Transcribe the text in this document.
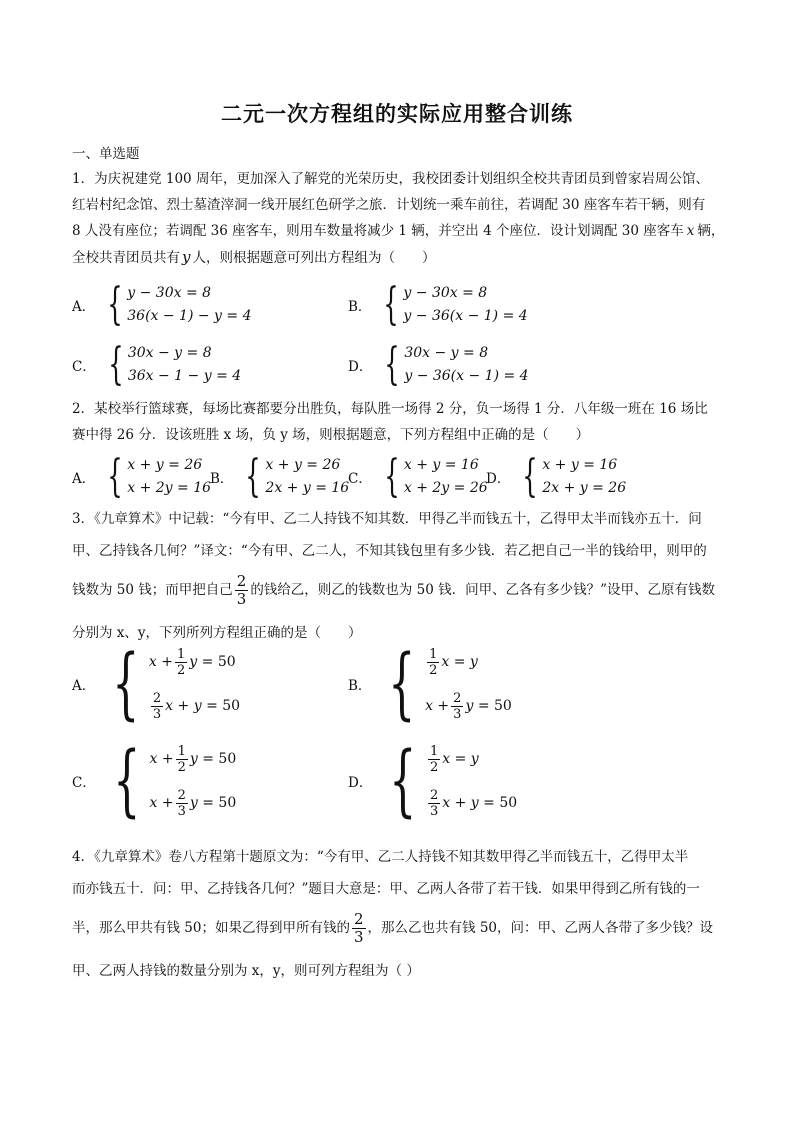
二元一次方程组的实际应用整合训练
一、单选题
1．为庆祝建党 100 周年，更加深入了解党的光荣历史，我校团委计划组织全校共青团员到曾家岩周公馆、
红岩村纪念馆、烈士墓渣滓洞一线开展红色研学之旅．计划统一乘车前往，若调配 30 座客车若干辆，则有
8 人没有座位；若调配 36 座客车，则用车数量将减少 1 辆，并空出 4 个座位．设计划调配 30 座客车 x 辆，
全校共青团员共有 y 人，则根据题意可列出方程组为（　　）
A． { y − 30x = 8
36(x − 1) − y = 4
B． { y − 30x = 8
y − 36(x − 1) = 4
C． { 30x − y = 8
36x − 1 − y = 4
D． { 30x − y = 8
y − 36(x − 1) = 4
2．某校举行篮球赛，每场比赛都要分出胜负，每队胜一场得 2 分，负一场得 1 分．八年级一班在 16 场比
赛中得 26 分．设该班胜 x 场，负 y 场，则根据题意，下列方程组中正确的是（　　）
A． { x + y = 26
x + 2y = 16
B． { x + y = 26
2x + y = 16
C． { x + y = 16
x + 2y = 26
D． { x + y = 16
2x + y = 26
3．《九章算术》中记载：“今有甲、乙二人持钱不知其数．甲得乙半而钱五十，乙得甲太半而钱亦五十．问
甲、乙持钱各几何？”译文：“今有甲、乙二人，不知其钱包里有多少钱．若乙把自己一半的钱给甲，则甲的
钱数为 50 钱；而甲把自己 $\frac{2}{3}$ 的钱给乙，则乙的钱数也为 50 钱．问甲、乙各有多少钱？”设甲、乙原有钱数
分别为 x、y，下列所列方程组正确的是（　　）
A． { x
+ $\frac{1}{2}$ y
= 50
$\frac{2}{3}$ x
+
y
= 50
B． { $\frac{1}{2}$ x
= y
x
+ $\frac{2}{3}$ y
= 50
C． { x
+ $\frac{1}{2}$ y
= 50
x
+ $\frac{2}{3}$ y
= 50
D． { $\frac{1}{2}$ x
= y
$\frac{2}{3}$ x
+
y
= 50
4．《九章算术》卷八方程第十题原文为：“今有甲、乙二人持钱不知其数甲得乙半而钱五十，乙得甲太半
而亦钱五十．问：甲、乙持钱各几何？”题目大意是：甲、乙两人各带了若干钱．如果甲得到乙所有钱的一
半，那么甲共有钱 50；如果乙得到甲所有钱的 $\frac{2}{3}$ ，那么乙也共有钱 50，问：甲、乙两人各带了多少钱？设
甲、乙两人持钱的数量分别为 x，y，则可列方程组为（ ）
